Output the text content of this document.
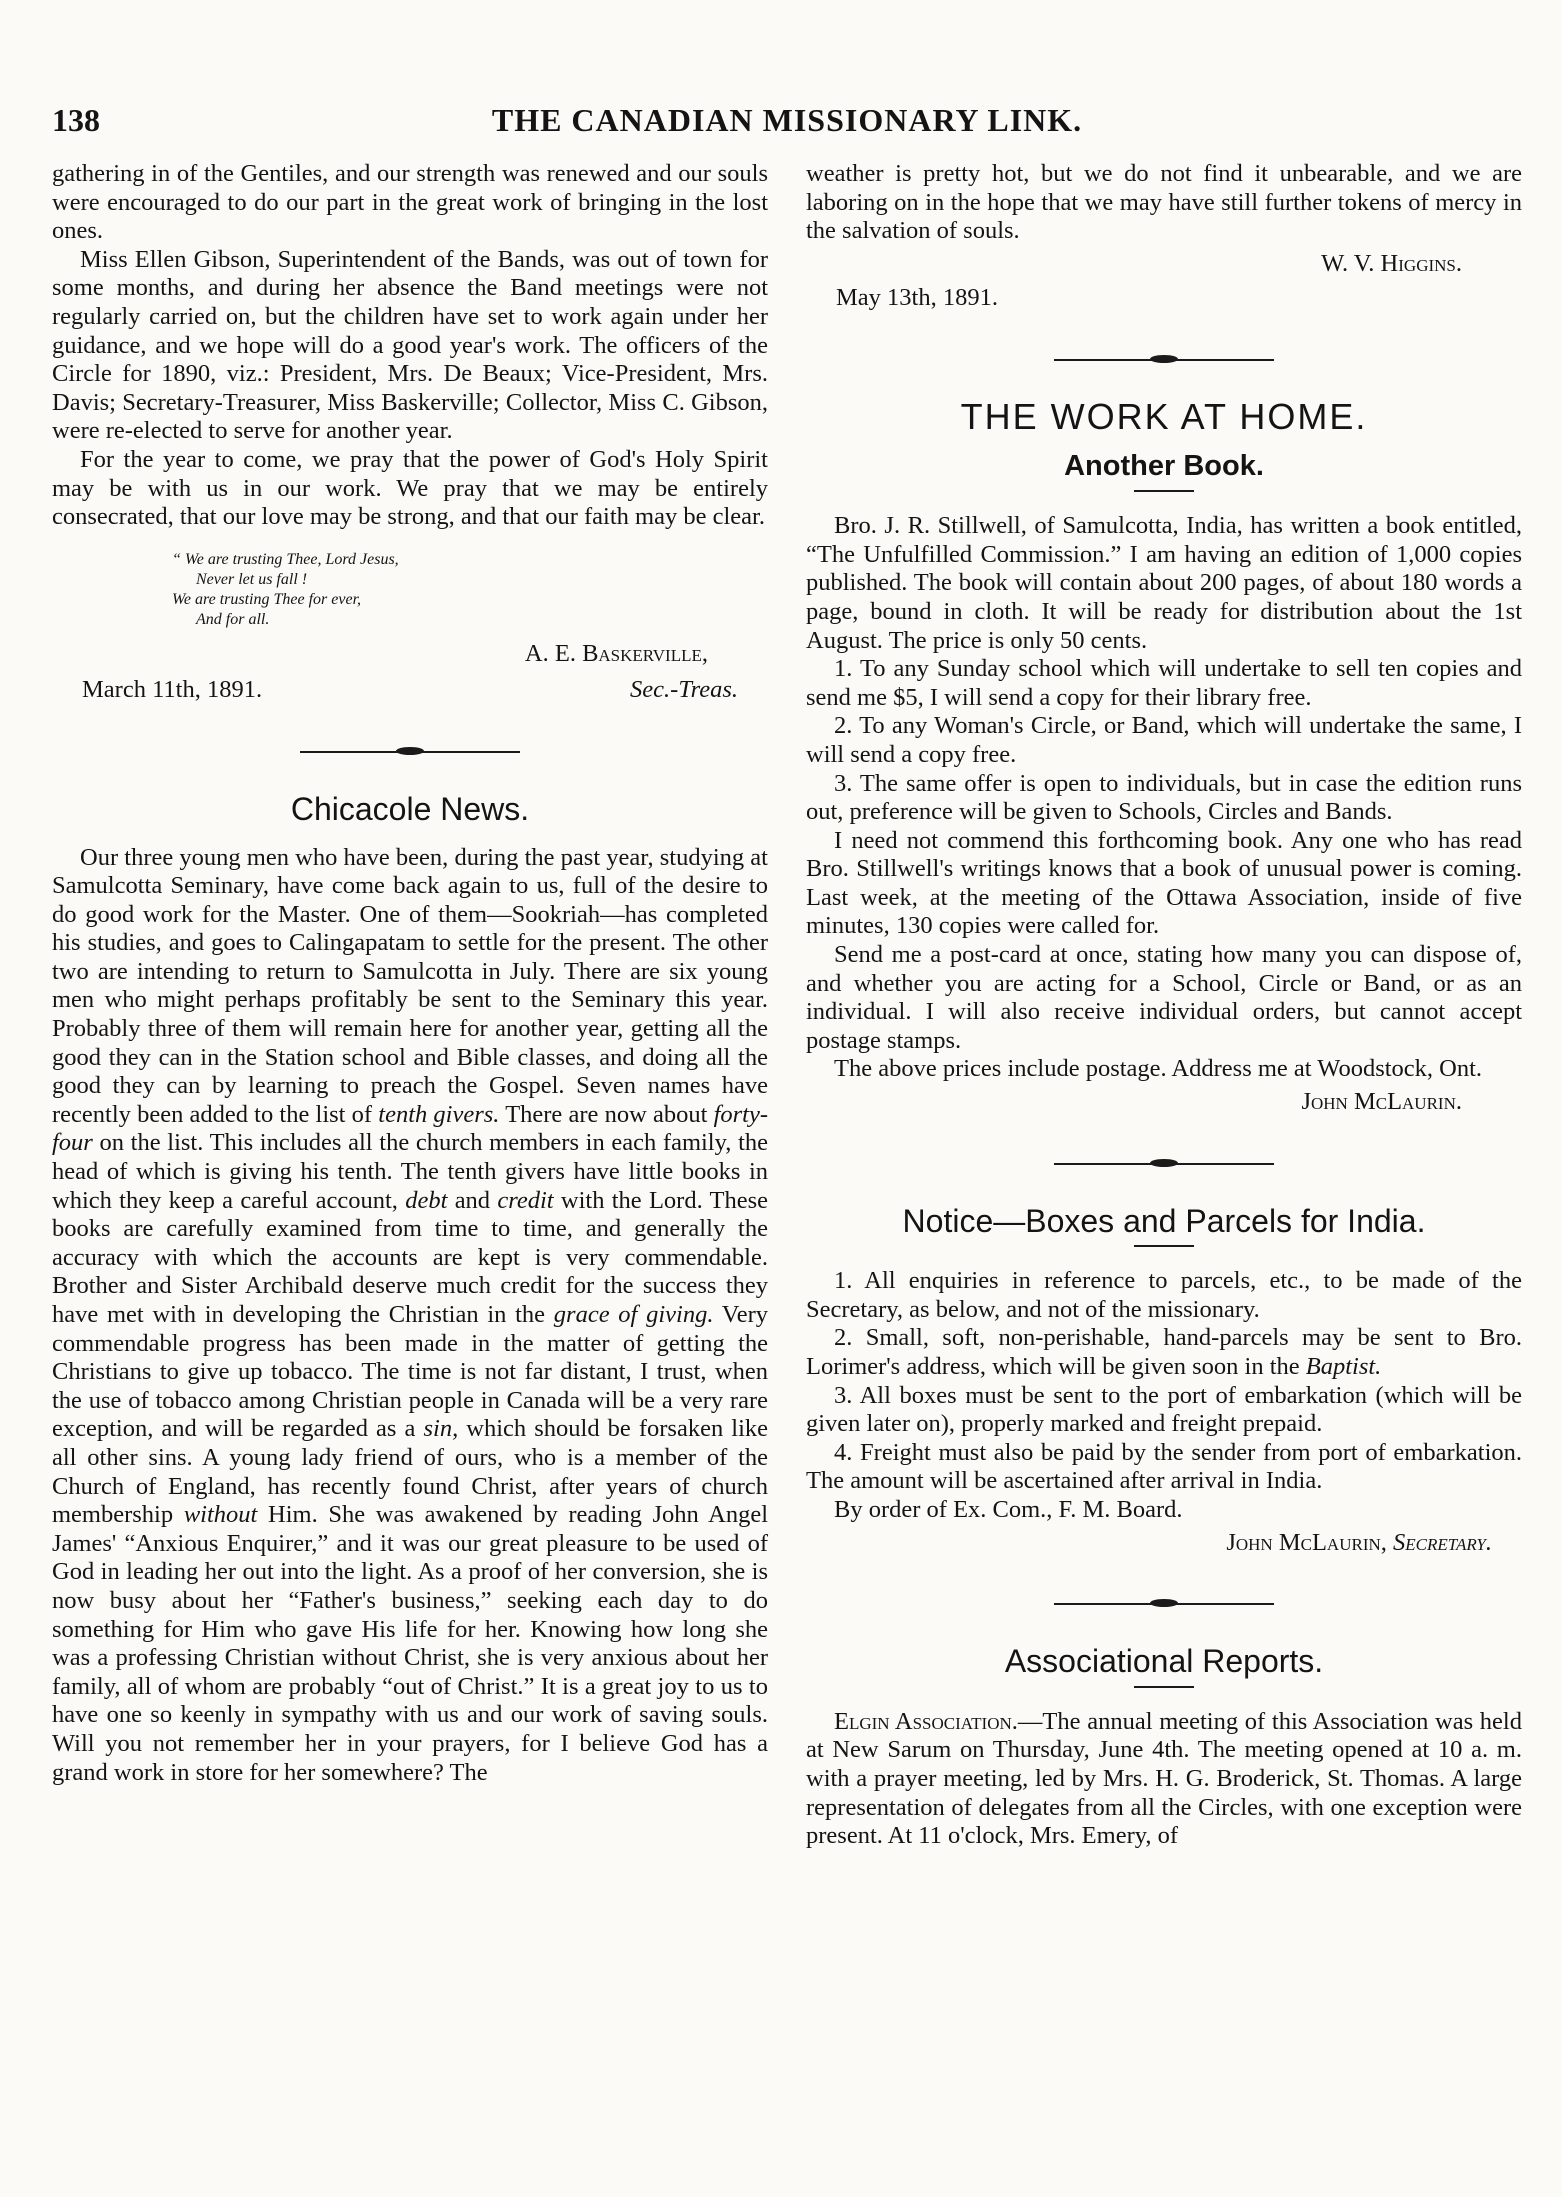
138	THE CANADIAN MISSIONARY LINK.

gathering in of the Gentiles, and our strength was renewed and our souls were encouraged to do our part in the great work of bringing in the lost ones.

Miss Ellen Gibson, Superintendent of the Bands, was out of town for some months, and during her absence the Band meetings were not regularly carried on, but the children have set to work again under her guidance, and we hope will do a good year's work. The officers of the Circle for 1890, viz.: President, Mrs. De Beaux; Vice-President, Mrs. Davis; Secretary-Treasurer, Miss Baskerville; Collector, Miss C. Gibson, were re-elected to serve for another year.

For the year to come, we pray that the power of God's Holy Spirit may be with us in our work. We pray that we may be entirely consecrated, that our love may be strong, and that our faith may be clear.

“ We are trusting Thee, Lord Jesus,
Never let us fall !
We are trusting Thee for ever,
And for all.
A. E. Baskerville,
March 11th, 1891.	Sec.-Treas.
Chicacole News.

Our three young men who have been, during the past year, studying at Samulcotta Seminary, have come back again to us, full of the desire to do good work for the Master. One of them—Sookriah—has completed his studies, and goes to Calingapatam to settle for the present. The other two are intending to return to Samulcotta in July. There are six young men who might perhaps profitably be sent to the Seminary this year. Probably three of them will remain here for another year, getting all the good they can in the Station school and Bible classes, and doing all the good they can by learning to preach the Gospel. Seven names have recently been added to the list of tenth givers. There are now about forty-four on the list. This includes all the church members in each family, the head of which is giving his tenth. The tenth givers have little books in which they keep a careful account, debt and credit with the Lord. These books are carefully examined from time to time, and generally the accuracy with which the accounts are kept is very commendable. Brother and Sister Archibald deserve much credit for the success they have met with in developing the Christian in the grace of giving. Very commendable progress has been made in the matter of getting the Christians to give up tobacco. The time is not far distant, I trust, when the use of tobacco among Christian people in Canada will be a very rare exception, and will be regarded as a sin, which should be forsaken like all other sins. A young lady friend of ours, who is a member of the Church of England, has recently found Christ, after years of church membership without Him. She was awakened by reading John Angel James' “Anxious Enquirer,” and it was our great pleasure to be used of God in leading her out into the light. As a proof of her conversion, she is now busy about her “Father's business,” seeking each day to do something for Him who gave His life for her. Knowing how long she was a professing Christian without Christ, she is very anxious about her family, all of whom are probably “out of Christ.” It is a great joy to us to have one so keenly in sympathy with us and our work of saving souls. Will you not remember her in your prayers, for I believe God has a grand work in store for her somewhere? The

weather is pretty hot, but we do not find it unbearable, and we are laboring on in the hope that we may have still further tokens of mercy in the salvation of souls.

W. V. Higgins.
May 13th, 1891.
THE WORK AT HOME.
Another Book.

Bro. J. R. Stillwell, of Samulcotta, India, has written a book entitled, “The Unfulfilled Commission.” I am having an edition of 1,000 copies published. The book will contain about 200 pages, of about 180 words a page, bound in cloth. It will be ready for distribution about the 1st August. The price is only 50 cents.

1. To any Sunday school which will undertake to sell ten copies and send me $5, I will send a copy for their library free.

2. To any Woman's Circle, or Band, which will undertake the same, I will send a copy free.

3. The same offer is open to individuals, but in case the edition runs out, preference will be given to Schools, Circles and Bands.

I need not commend this forthcoming book. Any one who has read Bro. Stillwell's writings knows that a book of unusual power is coming. Last week, at the meeting of the Ottawa Association, inside of five minutes, 130 copies were called for.

Send me a post-card at once, stating how many you can dispose of, and whether you are acting for a School, Circle or Band, or as an individual. I will also receive individual orders, but cannot accept postage stamps.

The above prices include postage. Address me at Woodstock, Ont.

John McLaurin.
Notice—Boxes and Parcels for India.

1. All enquiries in reference to parcels, etc., to be made of the Secretary, as below, and not of the missionary.

2. Small, soft, non-perishable, hand-parcels may be sent to Bro. Lorimer's address, which will be given soon in the Baptist.

3. All boxes must be sent to the port of embarkation (which will be given later on), properly marked and freight prepaid.

4. Freight must also be paid by the sender from port of embarkation. The amount will be ascertained after arrival in India.

By order of Ex. Com., F. M. Board.

John McLaurin, Secretary.
Associational Reports.

Elgin Association.—The annual meeting of this Association was held at New Sarum on Thursday, June 4th. The meeting opened at 10 a. m. with a prayer meeting, led by Mrs. H. G. Broderick, St. Thomas. A large representation of delegates from all the Circles, with one exception were present. At 11 o'clock, Mrs. Emery, of
